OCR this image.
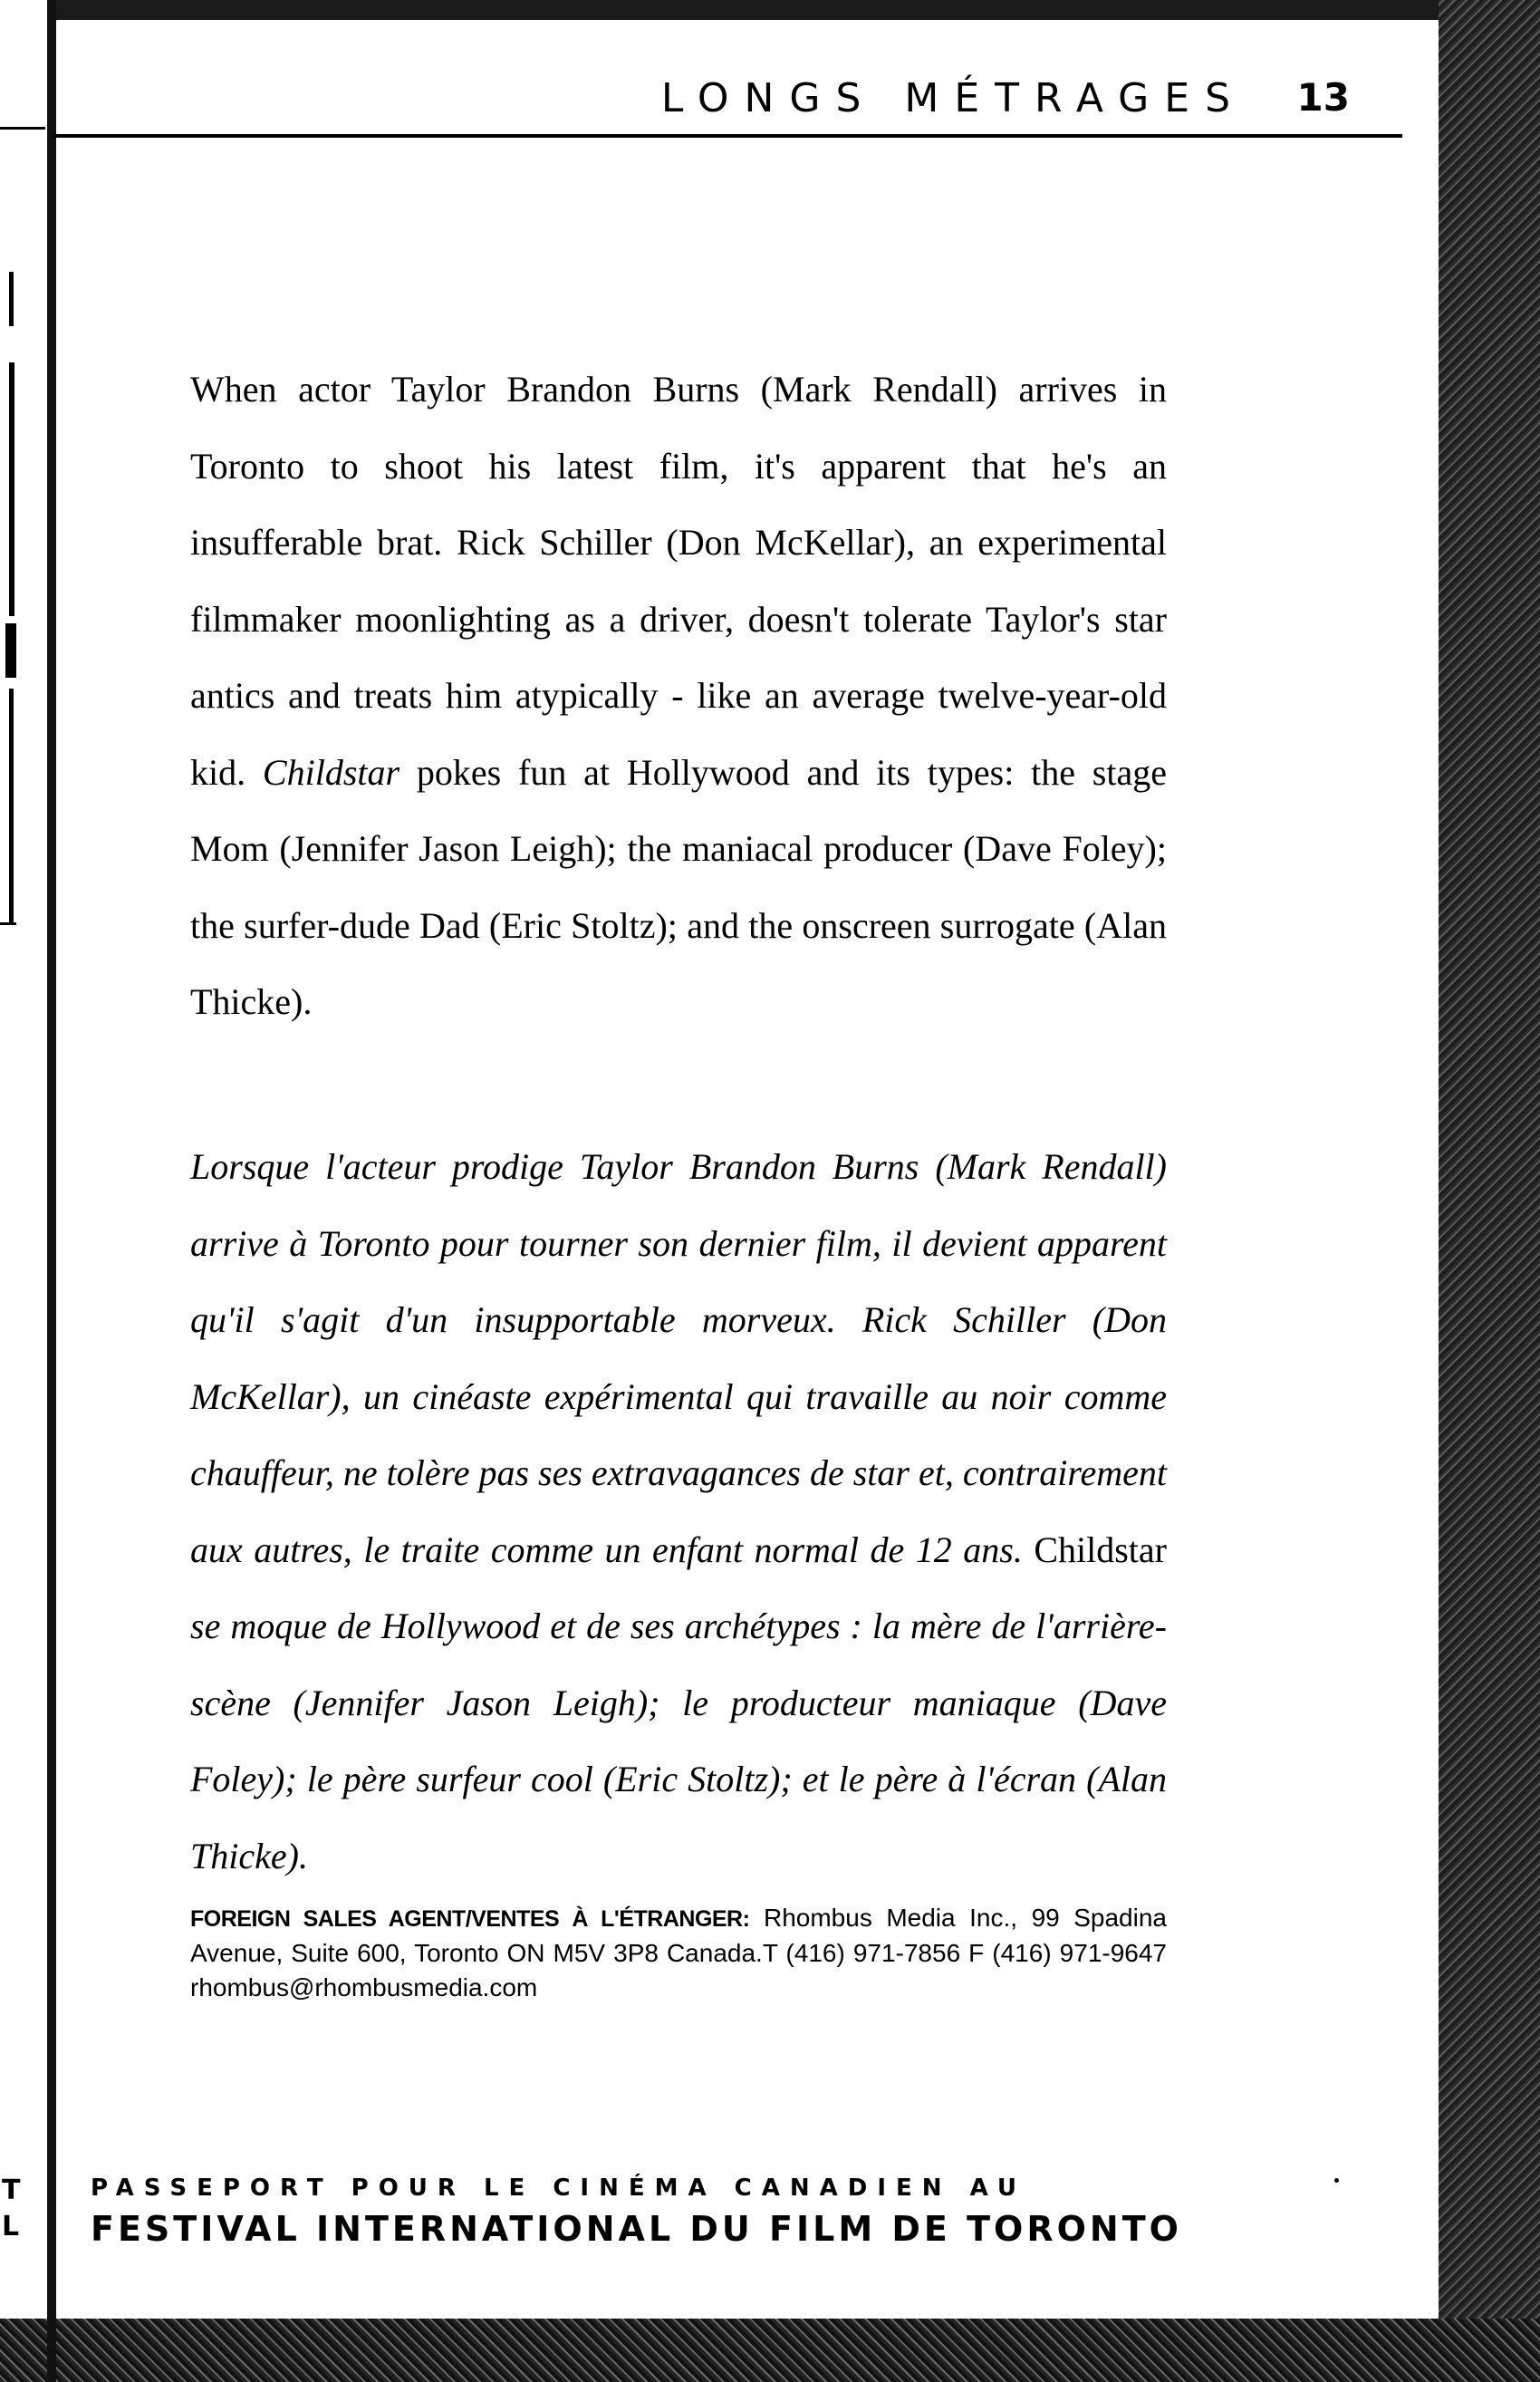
LONGS MÉTRAGES 13
When actor Taylor Brandon Burns (Mark Rendall) arrives in Toronto to shoot his latest film, it's apparent that he's an insufferable brat. Rick Schiller (Don McKellar), an experimental filmmaker moonlighting as a driver, doesn't tolerate Taylor's star antics and treats him atypically - like an average twelve-year-old kid. Childstar pokes fun at Hollywood and its types: the stage Mom (Jennifer Jason Leigh); the maniacal producer (Dave Foley); the surfer-dude Dad (Eric Stoltz); and the onscreen surrogate (Alan Thicke).
Lorsque l'acteur prodige Taylor Brandon Burns (Mark Rendall) arrive à Toronto pour tourner son dernier film, il devient apparent qu'il s'agit d'un insupportable morveux. Rick Schiller (Don McKellar), un cinéaste expérimental qui travaille au noir comme chauffeur, ne tolère pas ses extravagances de star et, contrairement aux autres, le traite comme un enfant normal de 12 ans. Childstar se moque de Hollywood et de ses archétypes : la mère de l'arrière-scène (Jennifer Jason Leigh); le producteur maniaque (Dave Foley); le père surfeur cool (Eric Stoltz); et le père à l'écran (Alan Thicke).
FOREIGN SALES AGENT/VENTES À L'ÉTRANGER: Rhombus Media Inc., 99 Spadina Avenue, Suite 600, Toronto ON M5V 3P8 Canada.T (416) 971-7856 F (416) 971-9647 rhombus@rhombusmedia.com
PASSEPORT POUR LE CINÉMA CANADIEN AU
FESTIVAL INTERNATIONAL DU FILM DE TORONTO
T
L
